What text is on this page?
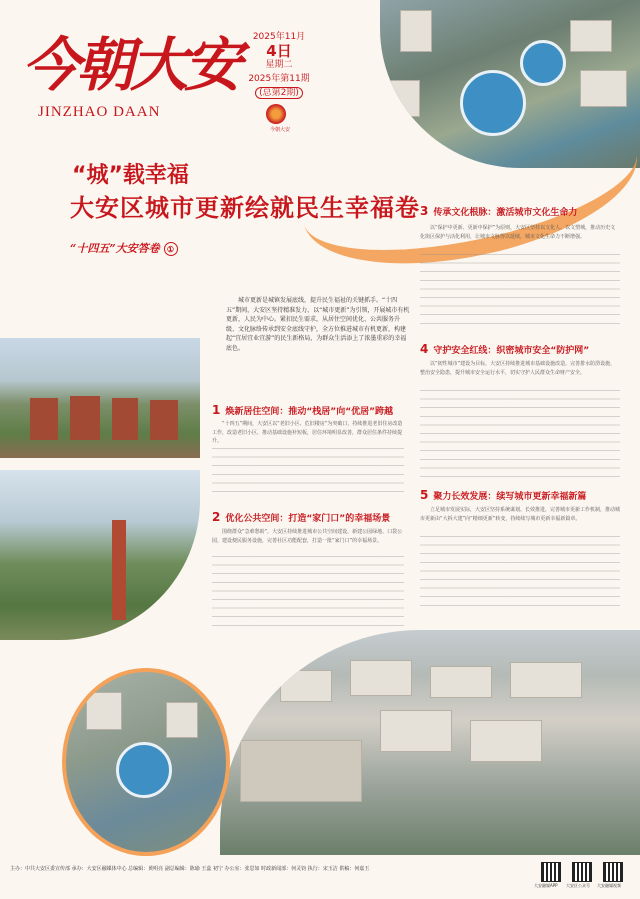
今朝大安
JINZHAO DAAN
2025年11月
4日
星期二
2025年第11期
(总第2期)
今朝大安
“城”载幸福
大安区城市更新绘就民生幸福卷
“十四五”大安答卷 ①
城市更新是城镇发展底线，提升民生福祉的关键抓手。“十四五”期间，大安区坚持精准发力，以“城市更新”为引领，开展城市有机更新，人民为中心。紧扣民生需求，从居住空间优化、公共服务升级、文化脉络传承到安全底线守护，全方位推进城市有机更新，构建起“宜居宜业宜游”的民生新格局，为群众生活添上了浓墨重彩的幸福底色。
1 焕新居住空间：推动“栈居”向“优居”跨越
“十四五”期间，大安区以“老旧小区、危旧楼房”为突破口，持续推进老旧住房改造工作，改造老旧小区，推动基础设施补短板，居住环境明显改善，群众居住条件持续提升。
2 优化公共空间：打造“家门口”的幸福场景
围绕群众“急难愁盼”，大安区持续推进城市公共空间建设，新建公园绿地、口袋公园，建设便民服务设施，完善社区功能配套，打造一批“家门口”的幸福场景。
3 传承文化根脉：激活城市文化生命力
以“保护中更新、更新中保护”为原则，大安区坚持以文化人、以文塑城，推动历史文化街区保护与活化利用，让城市文脉得以延续，城市文化生命力不断增强。
4 守护安全红线：织密城市安全“防护网”
以“韧性城市”建设为目标，大安区持续推进城市基础设施改造，完善排水防涝设施，整治安全隐患，提升城市安全运行水平，切实守护人民群众生命财产安全。
5 聚力长效发展：续写城市更新幸福新篇
立足城市发展实际，大安区坚持系统谋划、长效推进，完善城市更新工作机制，推动城市更新由“大拆大建”向“精细更新”转变，持续续写城市更新幸福新篇章。
主办：中共大安区委宣传部 承办：大安区融媒体中心 总编辑：黄明亮 副总编辑：陈瑜 王蕊 初宁 办公室：张思如 时政新闻部：何灵钧 执行：宋玉洁 供稿：何嘉玉
大安融媒APP 大安区公众号 大安融媒视频
